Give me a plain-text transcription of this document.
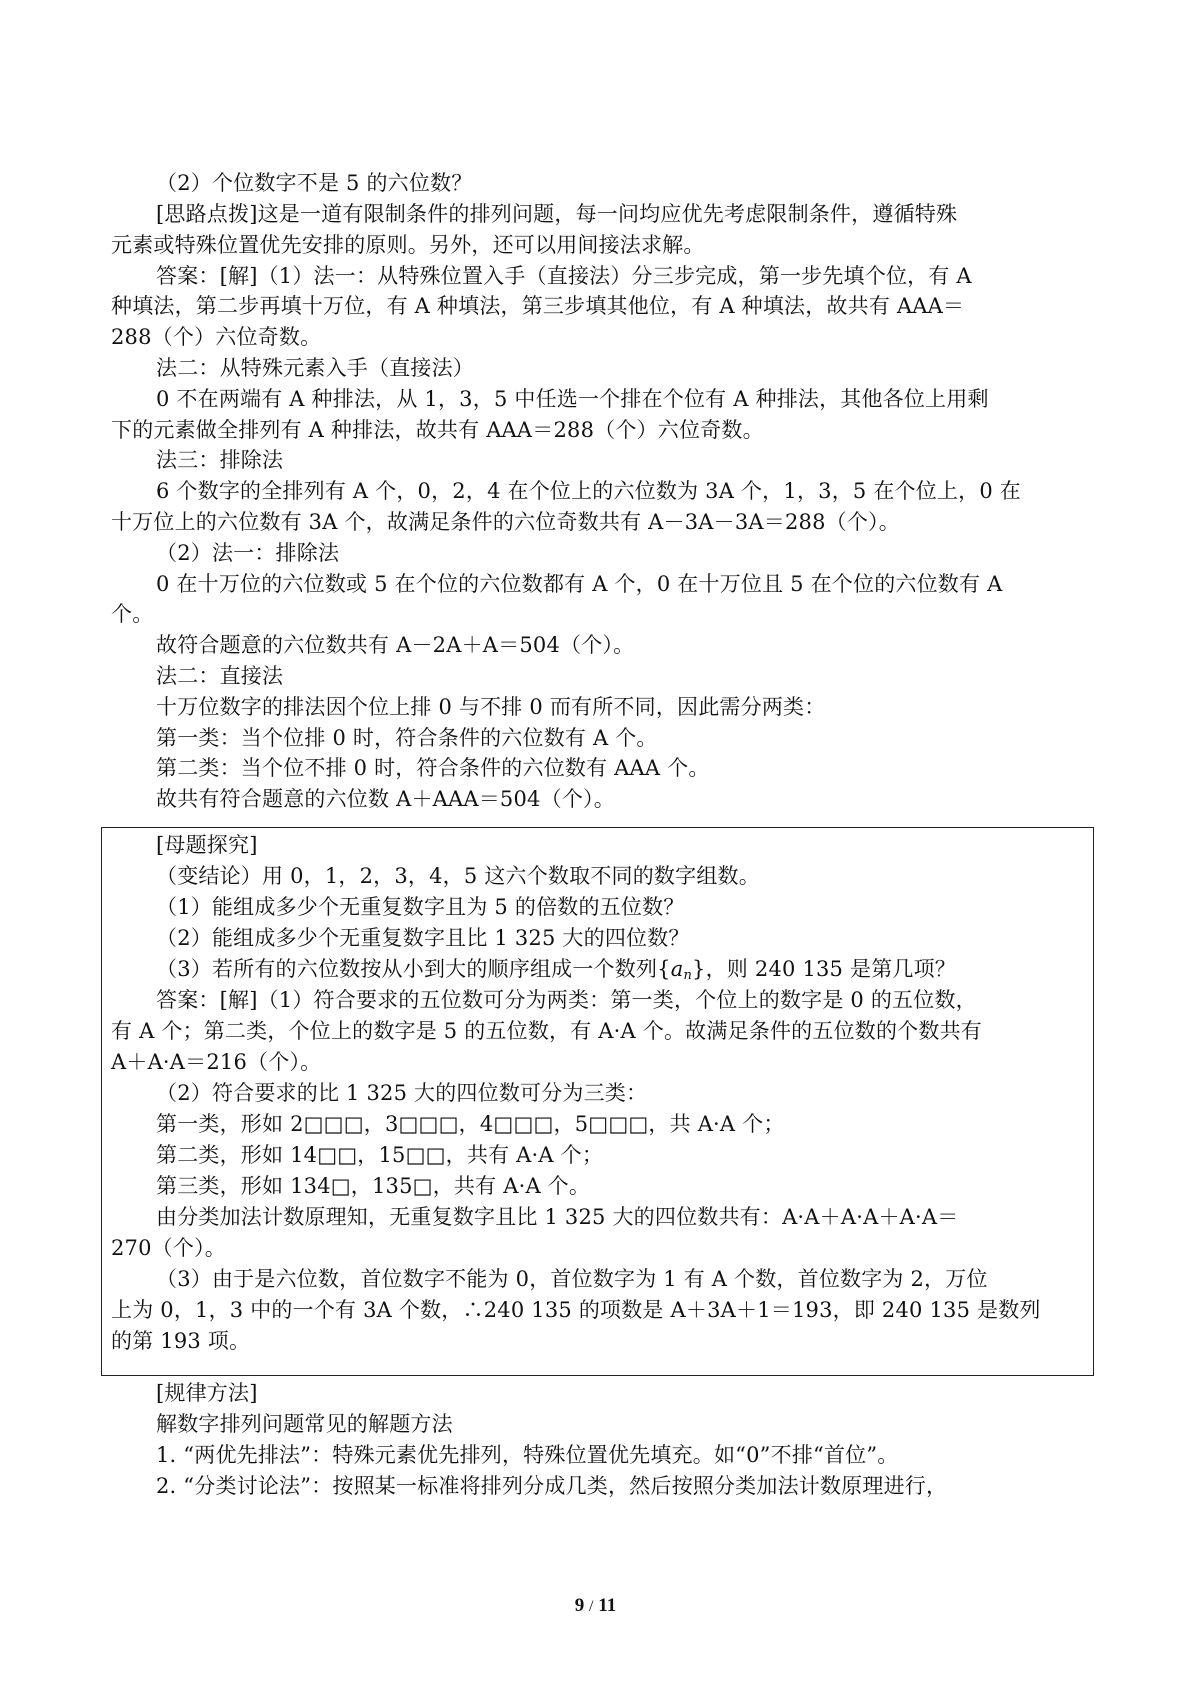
（2）个位数字不是 5 的六位数？
[思路点拨]这是一道有限制条件的排列问题，每一问均应优先考虑限制条件，遵循特殊
元素或特殊位置优先安排的原则。另外，还可以用间接法求解。
答案：[解]（1）法一：从特殊位置入手（直接法）分三步完成，第一步先填个位，有 A
种填法，第二步再填十万位，有 A 种填法，第三步填其他位，有 A 种填法，故共有 AAA＝
288（个）六位奇数。
法二：从特殊元素入手（直接法）
0 不在两端有 A 种排法，从 1，3，5 中任选一个排在个位有 A 种排法，其他各位上用剩
下的元素做全排列有 A 种排法，故共有 AAA＝288（个）六位奇数。
法三：排除法
6 个数字的全排列有 A 个，0，2，4 在个位上的六位数为 3A 个，1，3，5 在个位上，0 在
十万位上的六位数有 3A 个，故满足条件的六位奇数共有 A－3A－3A＝288（个）。
（2）法一：排除法
0 在十万位的六位数或 5 在个位的六位数都有 A 个，0 在十万位且 5 在个位的六位数有 A
个。
故符合题意的六位数共有 A－2A＋A＝504（个）。
法二：直接法
十万位数字的排法因个位上排 0 与不排 0 而有所不同，因此需分两类：
第一类：当个位排 0 时，符合条件的六位数有 A 个。
第二类：当个位不排 0 时，符合条件的六位数有 AAA 个。
故共有符合题意的六位数 A＋AAA＝504（个）。
[母题探究]
（变结论）用 0，1，2，3，4，5 这六个数取不同的数字组数。
（1）能组成多少个无重复数字且为 5 的倍数的五位数？
（2）能组成多少个无重复数字且比 1 325 大的四位数？
（3）若所有的六位数按从小到大的顺序组成一个数列$\{a_n\}$，则 240 135 是第几项？
答案：[解]（1）符合要求的五位数可分为两类：第一类，个位上的数字是 0 的五位数，
有 A 个；第二类，个位上的数字是 5 的五位数，有 A·A 个。故满足条件的五位数的个数共有
A＋A·A＝216（个）。
（2）符合要求的比 1 325 大的四位数可分为三类：
第一类，形如 2□□□，3□□□，4□□□，5□□□，共 A·A 个；
第二类，形如 14□□，15□□，共有 A·A 个；
第三类，形如 134□，135□，共有 A·A 个。
由分类加法计数原理知，无重复数字且比 1 325 大的四位数共有：A·A＋A·A＋A·A＝
270（个）。
（3）由于是六位数，首位数字不能为 0，首位数字为 1 有 A 个数，首位数字为 2，万位
上为 0，1，3 中的一个有 3A 个数，∴240 135 的项数是 A＋3A＋1＝193，即 240 135 是数列
的第 193 项。
[规律方法]
解数字排列问题常见的解题方法
1. “两优先排法”：特殊元素优先排列，特殊位置优先填充。如“0”不排“首位”。
2. “分类讨论法”：按照某一标准将排列分成几类，然后按照分类加法计数原理进行，
9 / 11
